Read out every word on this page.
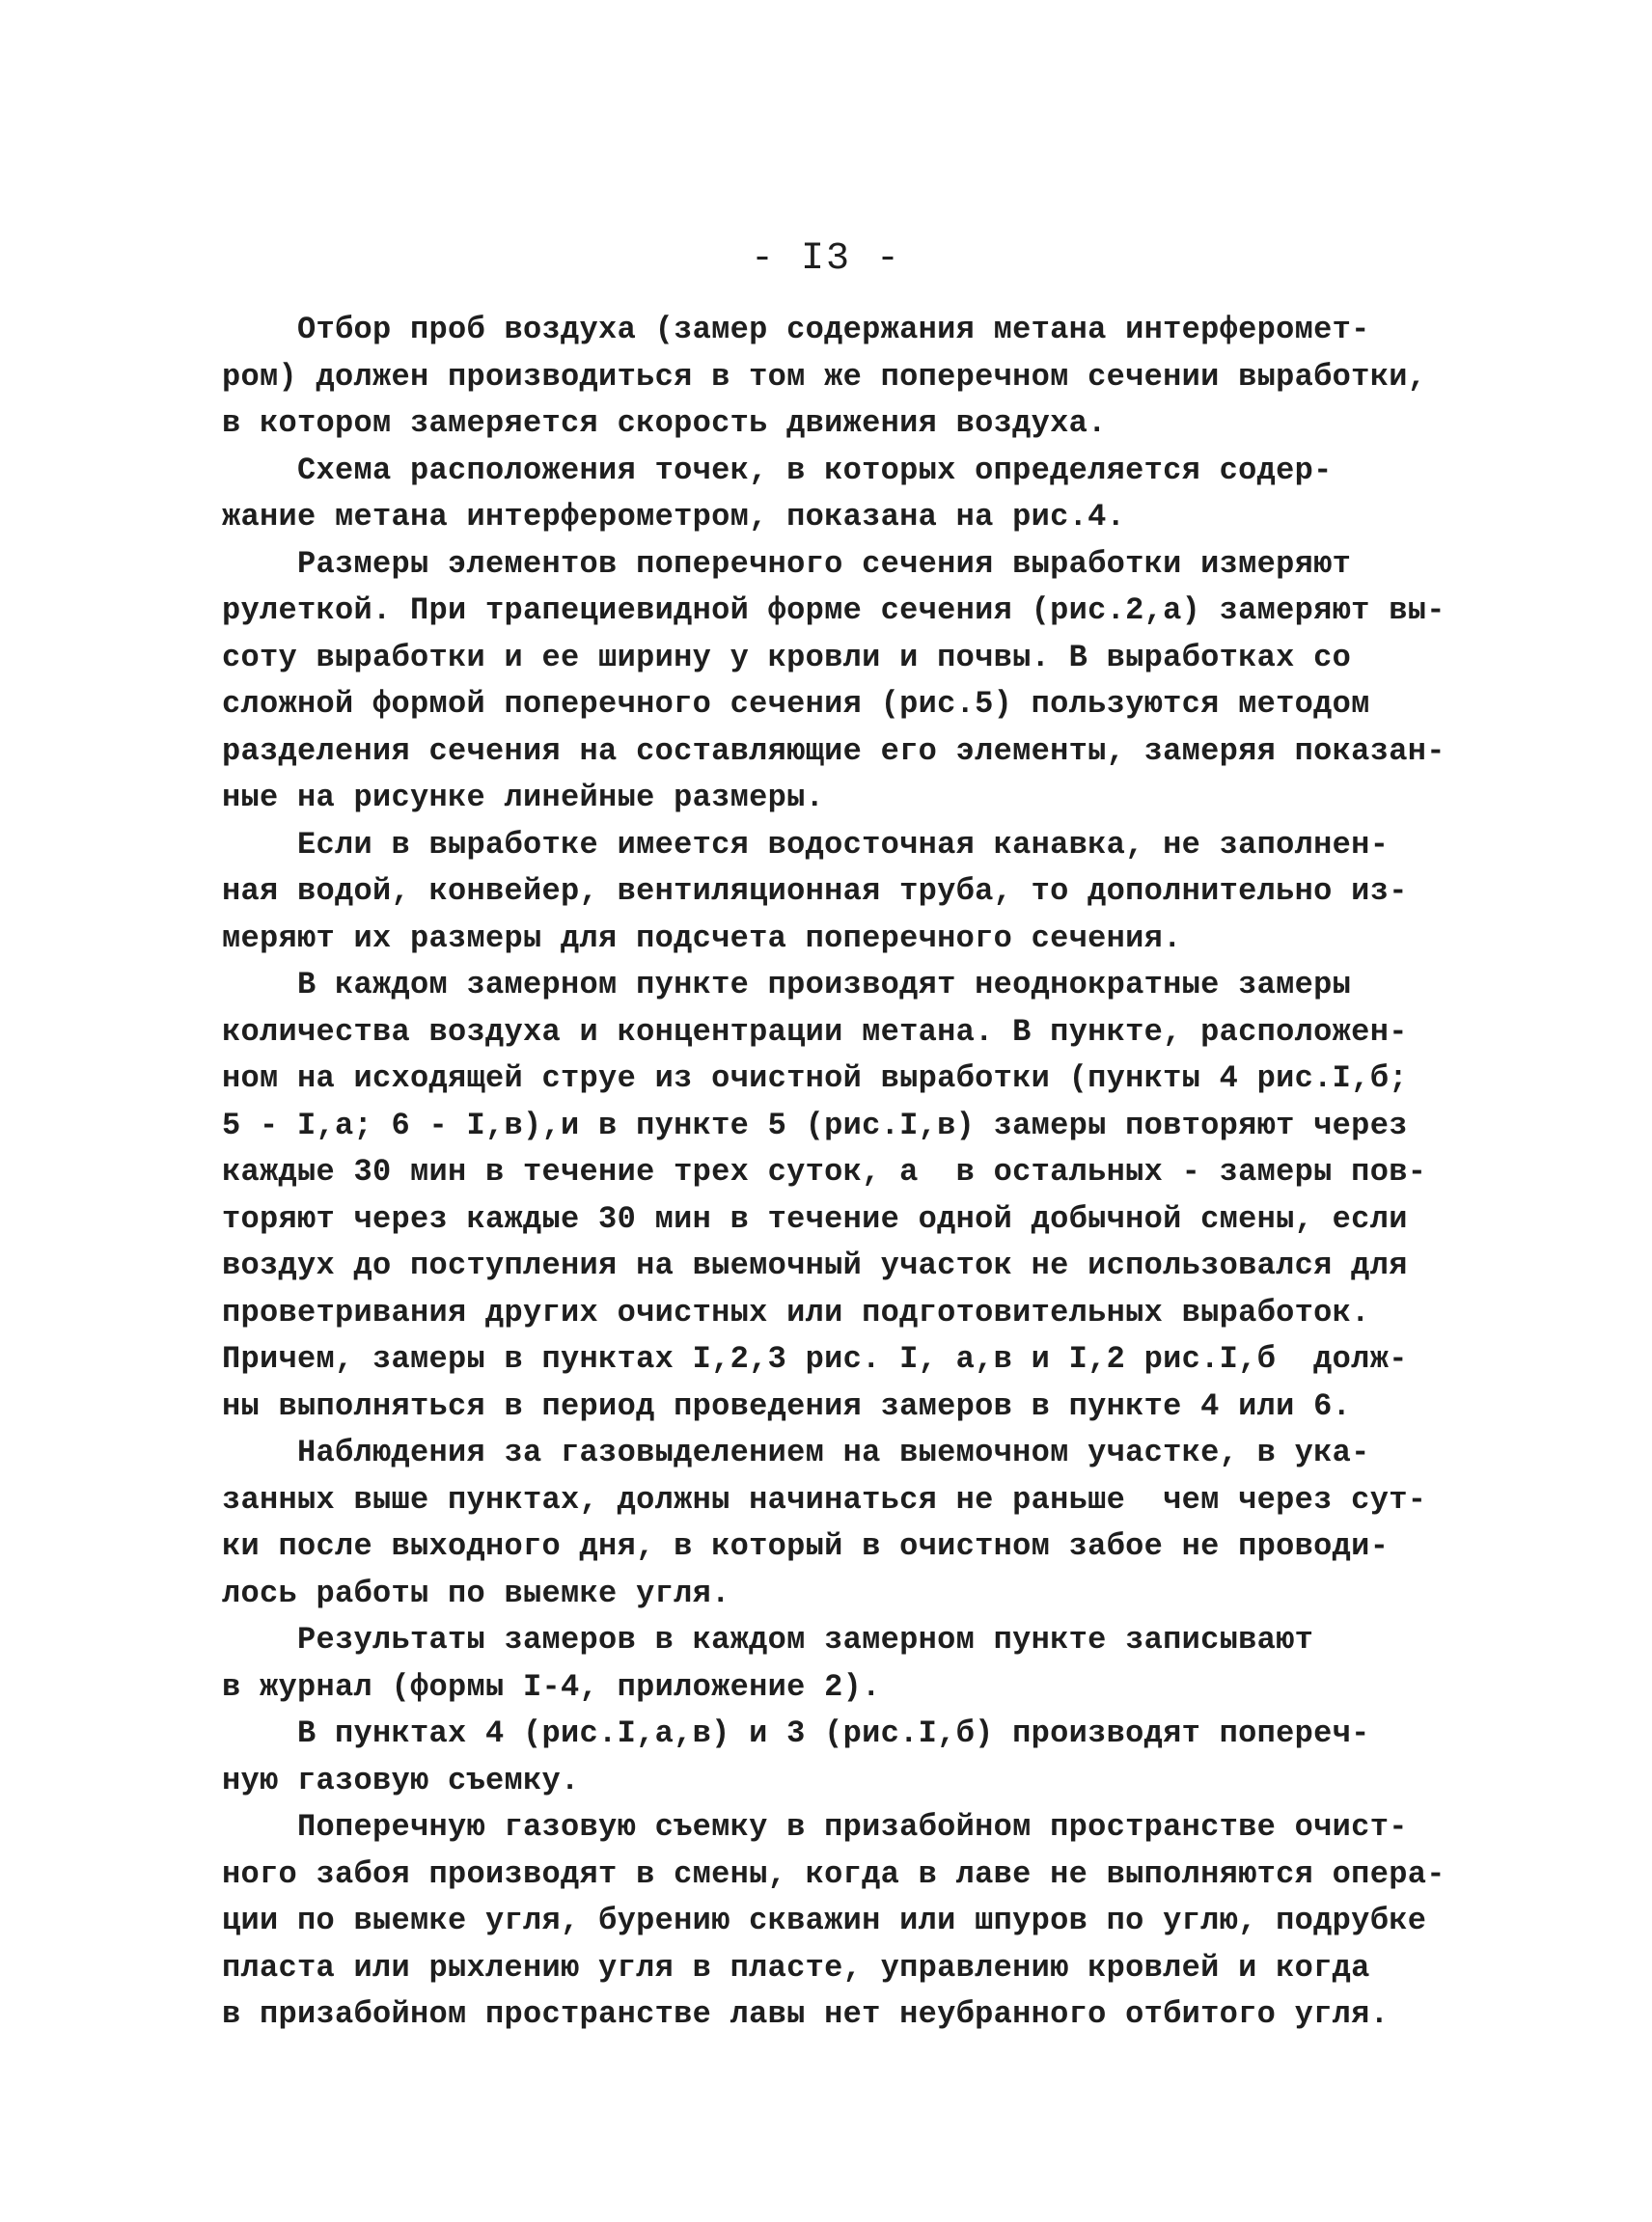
- I3 -
Отбор проб воздуха (замер содержания метана интерферомет-
ром) должен производиться в том же поперечном сечении выработки,
в котором замеряется скорость движения воздуха.
Схема расположения точек, в которых определяется содер-
жание метана интерферометром, показана на рис.4.
Размеры элементов поперечного сечения выработки измеряют
рулеткой. При трапециевидной форме сечения (рис.2,а) замеряют вы-
соту выработки и ее ширину у кровли и почвы. В выработках со
сложной формой поперечного сечения (рис.5) пользуются методом
разделения сечения на составляющие его элементы, замеряя показан-
ные на рисунке линейные размеры.
Если в выработке имеется водосточная канавка, не заполнен-
ная водой, конвейер, вентиляционная труба, то дополнительно из-
меряют их размеры для подсчета поперечного сечения.
В каждом замерном пункте производят неоднократные замеры
количества воздуха и концентрации метана. В пункте, расположен-
ном на исходящей струе из очистной выработки (пункты 4 рис.I,б;
5 - I,а; 6 - I,в),и в пункте 5 (рис.I,в) замеры повторяют через
каждые 30 мин в течение трех суток, а  в остальных - замеры пов-
торяют через каждые 30 мин в течение одной добычной смены, если
воздух до поступления на выемочный участок не использовался для
проветривания других очистных или подготовительных выработок.
Причем, замеры в пунктах I,2,3 рис. I, а,в и I,2 рис.I,б  долж-
ны выполняться в период проведения замеров в пункте 4 или 6.
Наблюдения за газовыделением на выемочном участке, в ука-
занных выше пунктах, должны начинаться не раньше  чем через сут-
ки после выходного дня, в который в очистном забое не проводи-
лось работы по выемке угля.
Результаты замеров в каждом замерном пункте записывают
в журнал (формы I-4, приложение 2).
В пунктах 4 (рис.I,а,в) и 3 (рис.I,б) производят попереч-
ную газовую съемку.
Поперечную газовую съемку в призабойном пространстве очист-
ного забоя производят в смены, когда в лаве не выполняются опера-
ции по выемке угля, бурению скважин или шпуров по углю, подрубке
пласта или рыхлению угля в пласте, управлению кровлей и когда
в призабойном пространстве лавы нет неубранного отбитого угля.
